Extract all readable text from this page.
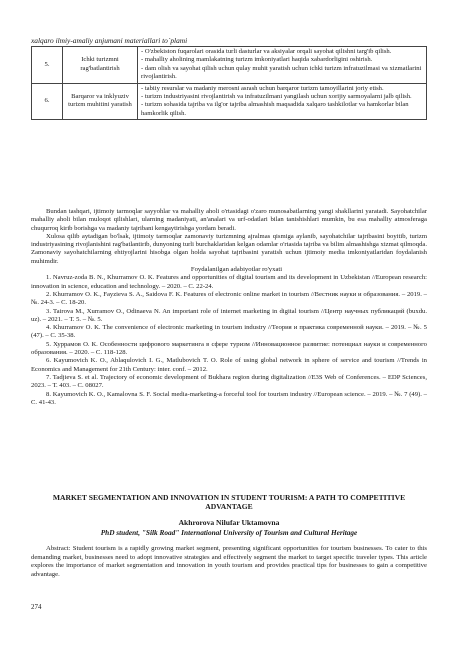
xalqaro ilmiy-amaliy anjumani materiallari to`plami
5.	Ichki turizmni rag'batlantirish	- O'zbekiston fuqarolari orasida turli dasturlar va aksiyalar orqali sayohat qilishni targ'ib qilish.
- mahalliy aholining mamlakatning turizm imkoniyatlari haqida xabardorligini oshirish.
- dam olish va sayohat qilish uchun qulay muhit yaratish uchun ichki turizm infratuzilmasi va xizmatlarini rivojlantirish.

6.	Barqaror va inklyuziv turizm muhitini yaratish	- tabiiy resurslar va madaniy merosni asrash uchun barqaror turizm tamoyillarini joriy etish.
- turizm industriyasini rivojlantirish va infratuzilmani yangilash uchun xorijiy sarmoyalarni jalb qilish.
- turizm sohasida tajriba va ilg'or tajriba almashish maqsadida xalqaro tashkilotlar va hamkorlar bilan hamkorlik qilish.

Bundan tashqari, ijtimoiy tarmoqlar sayyohlar va mahalliy aholi o'rtasidagi o'zaro munosabatlarning yangi shakllarini yaratadi. Sayohatchilar mahalliy aholi bilan muloqot qilishlari, ularning madaniyati, an'analari va urf-odatlari bilan tanishishlari mumkin, bu esa mahalliy atmosferaga chuqurroq kirib borishga va madaniy tajribani kengaytirishga yordam beradi.

Xulosa qilib aytadigan bo'lsak, ijtimoiy tarmoqlar zamonaviy turizmning ajralmas qismiga aylanib, sayohatchilar tajribasini boyitib, turizm industriyasining rivojlanishini rag'batlantirib, dunyoning turli burchaklaridan kelgan odamlar o'rtasida tajriba va bilim almashishga xizmat qilmoqda. Zamonaviy sayohatchilarning ehtiyojlarini hisobga olgan holda sayohat tajribasini yaratish uchun ijtimoiy media imkoniyatlaridan foydalanish muhimdir.

Foydalanilgan adabiyotlar ro'yxati

1. Navruz-zoda B. N., Khurramov O. K. Features and opportunities of digital tourism and its development in Uzbekistan //European research: innovation in science, education and technology. – 2020. – С. 22-24.

2. Khurramov O. K., Fayzieva S. A., Saidova F. K. Features of electronic online market in tourism //Вестник науки и образования. – 2019. – №. 24-3. – С. 18-20.

3. Tairova M., Xurramov O., Odinaeva N. An important role of internet marketing in digital tourism //Центр научных публикаций (buxdu. uz). – 2021. – Т. 5. – №. 5.

4. Khurramov O. K. The convenience of electronic marketing in tourism industry //Теория и практика современной науки. – 2019. – №. 5 (47). – С. 35-38.

5. Хуррамов О. К. Особенности цифрового маркетинга в сфере туризм //Инновационное развитие: потенциал науки и современного образования. – 2020. – С. 118-128.

6. Kayumovich K. O., Ablaqulovich I. G., Matlubovich T. O. Role of using global network in sphere of service and tourism //Trends in Economics and Management for 21th Century: inter. conf. – 2012.

7. Tadjieva S. et al. Trajectory of economic development of Bukhara region during digitalization //E3S Web of Conferences. – EDP Sciences, 2023. – Т. 403. – С. 08027.

8. Kayumovich K. O., Kamalovna S. F. Social media-marketing-a forceful tool for tourism industry //European science. – 2019. – №. 7 (49). – С. 41-43.

MARKET SEGMENTATION AND INNOVATION IN STUDENT TOURISM: A PATH TO COMPETITIVE ADVANTAGE
Akhrorova Nilufar Uktamovna
PhD student, "Silk Road" International University of Tourism and Cultural Heritage

Abstract: Student tourism is a rapidly growing market segment, presenting significant opportunities for tourism businesses. To cater to this demanding market, businesses need to adopt innovative strategies and effectively segment the market to target specific traveler types. This article explores the importance of market segmentation and innovation in youth tourism and provides practical tips for businesses to gain a competitive advantage.

274
